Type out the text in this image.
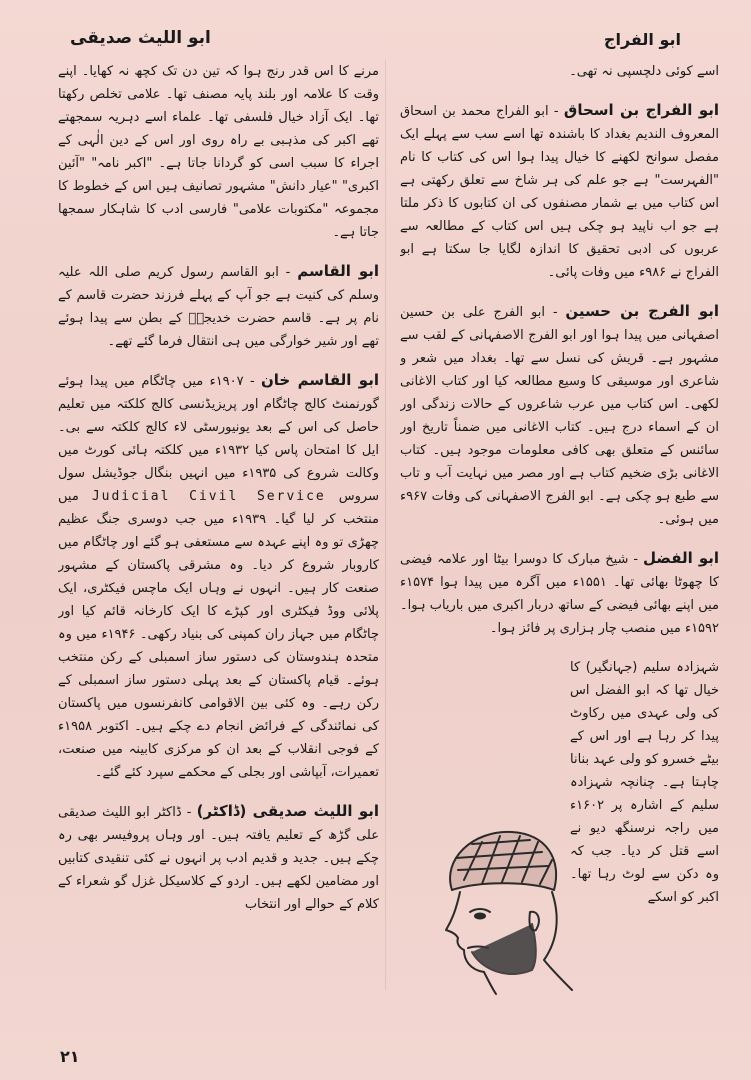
ابو اللیث صدیقی	ابو الفراج

اسے کوئی دلچسپی نہ تھی۔

ابو الفراج بن اسحاق - ابو الفراج محمد بن اسحاق المعروف الندیم بغداد کا باشندہ تھا اسے سب سے پہلے ایک مفصل سوانح لکھنے کا خیال پیدا ہوا اس کی کتاب کا نام "الفہرست" ہے جو علم کی ہر شاخ سے تعلق رکھتی ہے اس کتاب میں بے شمار مصنفوں کی ان کتابوں کا ذکر ملتا ہے جو اب ناپید ہو چکی ہیں اس کتاب کے مطالعہ سے عربوں کی ادبی تحقیق کا اندازہ لگایا جا سکتا ہے ابو الفراج نے ۹۸۶ء میں وفات پائی۔

ابو الفرج بن حسین - ابو الفرج علی بن حسین اصفہانی میں پیدا ہوا اور ابو الفرج الاصفہانی کے لقب سے مشہور ہے۔ قریش کی نسل سے تھا۔ بغداد میں شعر و شاعری اور موسیقی کا وسیع مطالعہ کیا اور کتاب الاغانی لکھی۔ اس کتاب میں عرب شاعروں کے حالات زندگی اور ان کے اسماء درج ہیں۔ کتاب الاغانی میں ضمناً تاریخ اور سائنس کے متعلق بھی کافی معلومات موجود ہیں۔ کتاب الاغانی بڑی ضخیم کتاب ہے اور مصر میں نہایت آب و تاب سے طبع ہو چکی ہے۔ ابو الفرج الاصفہانی کی وفات ۹۶۷ء میں ہوئی۔

ابو الفضل - شیخ مبارک کا دوسرا بیٹا اور علامہ فیضی کا چھوٹا بھائی تھا۔ ۱۵۵۱ء میں آگرہ میں پیدا ہوا ۱۵۷۴ء میں اپنے بھائی فیضی کے ساتھ دربار اکبری میں باریاب ہوا۔ ۱۵۹۲ء میں منصب چار ہزاری پر فائز ہوا۔

شہزادہ سلیم (جہانگیر) کا خیال تھا کہ ابو الفضل اس کی ولی عہدی میں رکاوٹ پیدا کر رہا ہے اور اس کے بیٹے خسرو کو ولی عہد بنانا چاہتا ہے۔ چنانچہ شہزادہ سلیم کے اشارہ پر ۱۶۰۲ء میں راجہ نرسنگھ دیو نے اسے قتل کر دیا۔ جب کہ وہ دکن سے لوٹ رہا تھا۔ اکبر کو اسکے

مرنے کا اس قدر رنج ہوا کہ تین دن تک کچھ نہ کھایا۔ اپنے وقت کا علامہ اور بلند پایہ مصنف تھا۔ علامی تخلص رکھتا تھا۔ ایک آزاد خیال فلسفی تھا۔ علماء اسے دہریہ سمجھتے تھے اکبر کی مذہبی بے راہ روی اور اس کے دین الٰہی کے اجراء کا سبب اسی کو گردانا جاتا ہے۔ "اکبر نامہ" "آئین اکبری" "عیار دانش" مشہور تصانیف ہیں اس کے خطوط کا مجموعہ "مکتوبات علامی" فارسی ادب کا شاہکار سمجھا جاتا ہے۔

ابو القاسم - ابو القاسم رسول کریم صلی اللہ علیہ وسلم کی کنیت ہے جو آپ کے پہلے فرزند حضرت قاسم کے نام پر ہے۔ قاسم حضرت خدیجہؓ کے بطن سے پیدا ہوئے تھے اور شیر خوارگی میں ہی انتقال فرما گئے تھے۔

ابو القاسم خان - ۱۹۰۷ء میں چاٹگام میں پیدا ہوئے گورنمنٹ کالج چاٹگام اور پریزیڈنسی کالج کلکتہ میں تعلیم حاصل کی اس کے بعد یونیورسٹی لاء کالج کلکتہ سے بی۔ ایل کا امتحان پاس کیا ۱۹۳۲ء میں کلکتہ ہائی کورٹ میں وکالت شروع کی ۱۹۳۵ء میں انہیں بنگال جوڈیشل سول سروس Judicial Civil Service میں منتخب کر لیا گیا۔ ۱۹۳۹ء میں جب دوسری جنگ عظیم چھڑی تو وہ اپنے عہدہ سے مستعفی ہو گئے اور چاٹگام میں کاروبار شروع کر دیا۔ وہ مشرقی پاکستان کے مشہور صنعت کار ہیں۔ انہوں نے وہاں ایک ماچس فیکٹری، ایک پلائی ووڈ فیکٹری اور کپڑے کا ایک کارخانہ قائم کیا اور چاٹگام میں جہاز ران کمپنی کی بنیاد رکھی۔ ۱۹۴۶ء میں وہ متحدہ ہندوستان کی دستور ساز اسمبلی کے رکن منتخب ہوئے۔ قیام پاکستان کے بعد پہلی دستور ساز اسمبلی کے رکن رہے۔ وہ کئی بین الاقوامی کانفرنسوں میں پاکستان کی نمائندگی کے فرائض انجام دے چکے ہیں۔ اکتوبر ۱۹۵۸ء کے فوجی انقلاب کے بعد ان کو مرکزی کابینہ میں صنعت، تعمیرات، آبپاشی اور بجلی کے محکمے سپرد کئے گئے۔

ابو اللیث صدیقی (ڈاکٹر) - ڈاکٹر ابو اللیث صدیقی علی گڑھ کے تعلیم یافتہ ہیں۔ اور وہاں پروفیسر بھی رہ چکے ہیں۔ جدید و قدیم ادب پر انہوں نے کئی تنقیدی کتابیں اور مضامین لکھے ہیں۔ اردو کے کلاسیکل غزل گو شعراء کے کلام کے حوالے اور انتخاب

۲۱
